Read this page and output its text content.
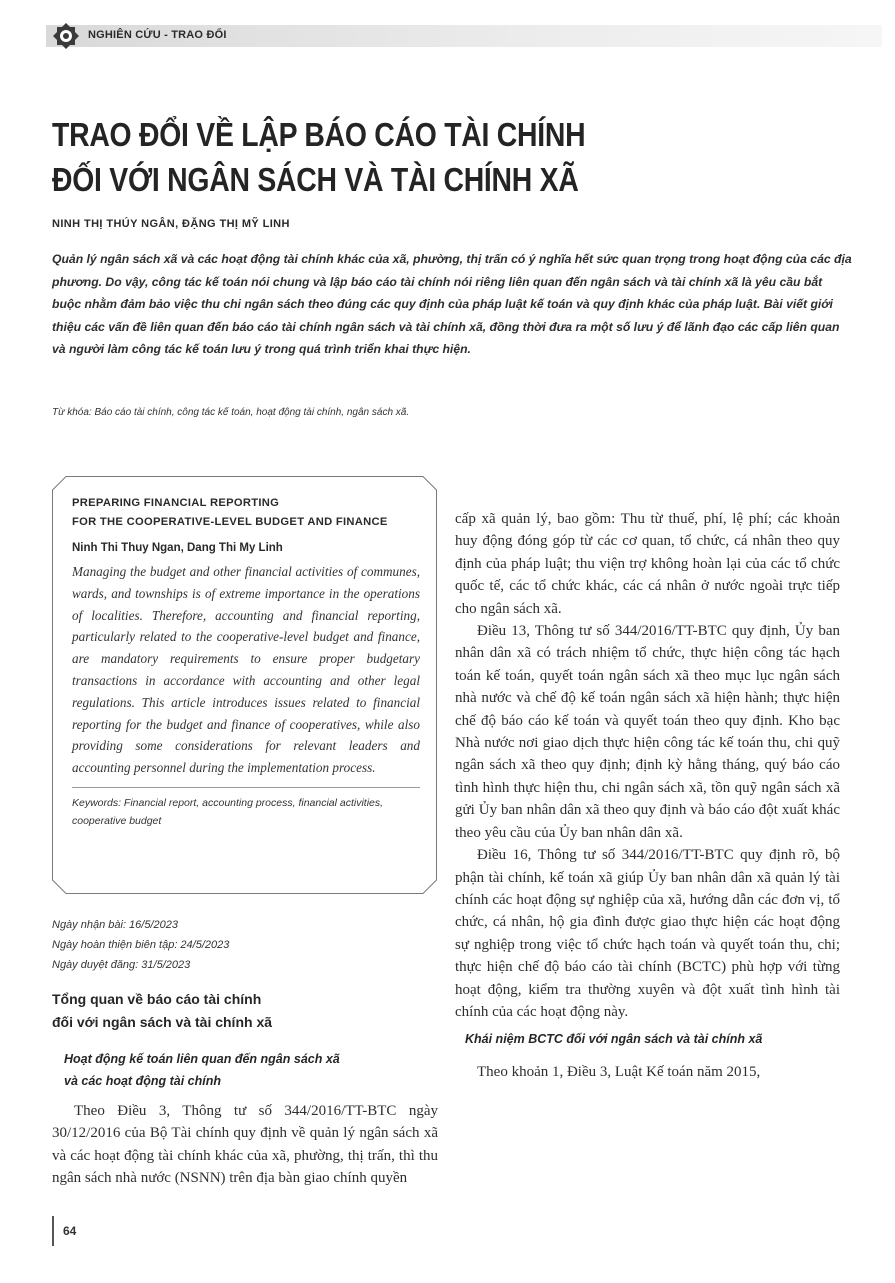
NGHIÊN CỨU - TRAO ĐỔI
TRAO ĐỔI VỀ LẬP BÁO CÁO TÀI CHÍNH
ĐỐI VỚI NGÂN SÁCH VÀ TÀI CHÍNH XÃ
NINH THỊ THÚY NGÂN, ĐẶNG THỊ MỸ LINH

Quản lý ngân sách xã và các hoạt động tài chính khác của xã, phường, thị trấn có ý nghĩa hết sức quan trọng trong hoạt động của các địa phương. Do vậy, công tác kế toán nói chung và lập báo cáo tài chính nói riêng liên quan đến ngân sách và tài chính xã là yêu cầu bắt buộc nhằm đảm bảo việc thu chi ngân sách theo đúng các quy định của pháp luật kế toán và quy định khác của pháp luật. Bài viết giới thiệu các vấn đề liên quan đến báo cáo tài chính ngân sách và tài chính xã, đồng thời đưa ra một số lưu ý để lãnh đạo các cấp liên quan và người làm công tác kế toán lưu ý trong quá trình triển khai thực hiện.

Từ khóa: Báo cáo tài chính, công tác kế toán, hoạt động tài chính, ngân sách xã.
PREPARING FINANCIAL REPORTING
FOR THE COOPERATIVE-LEVEL BUDGET AND FINANCE
Ninh Thi Thuy Ngan, Dang Thi My Linh

Managing the budget and other financial activities of communes, wards, and townships is of extreme importance in the operations of localities. Therefore, accounting and financial reporting, particularly related to the cooperative-level budget and finance, are mandatory requirements to ensure proper budgetary transactions in accordance with accounting and other legal regulations. This article introduces issues related to financial reporting for the budget and finance of cooperatives, while also providing some considerations for relevant leaders and accounting personnel during the implementation process.

Keywords: Financial report, accounting process, financial activities, cooperative budget
Ngày nhận bài: 16/5/2023
Ngày hoàn thiện biên tập: 24/5/2023
Ngày duyệt đăng: 31/5/2023
Tổng quan về báo cáo tài chính
đối với ngân sách và tài chính xã
Hoạt động kế toán liên quan đến ngân sách xã
và các hoạt động tài chính

Theo Điều 3, Thông tư số 344/2016/TT-BTC ngày 30/12/2016 của Bộ Tài chính quy định về quản lý ngân sách xã và các hoạt động tài chính khác của xã, phường, thị trấn, thì thu ngân sách nhà nước (NSNN) trên địa bàn giao chính quyền

cấp xã quản lý, bao gồm: Thu từ thuế, phí, lệ phí; các khoản huy động đóng góp từ các cơ quan, tổ chức, cá nhân theo quy định của pháp luật; thu viện trợ không hoàn lại của các tổ chức quốc tế, các tổ chức khác, các cá nhân ở nước ngoài trực tiếp cho ngân sách xã.

Điều 13, Thông tư số 344/2016/TT-BTC quy định, Ủy ban nhân dân xã có trách nhiệm tổ chức, thực hiện công tác hạch toán kế toán, quyết toán ngân sách xã theo mục lục ngân sách nhà nước và chế độ kế toán ngân sách xã hiện hành; thực hiện chế độ báo cáo kế toán và quyết toán theo quy định. Kho bạc Nhà nước nơi giao dịch thực hiện công tác kế toán thu, chi quỹ ngân sách xã theo quy định; định kỳ hằng tháng, quý báo cáo tình hình thực hiện thu, chi ngân sách xã, tồn quỹ ngân sách xã gửi Ủy ban nhân dân xã theo quy định và báo cáo đột xuất khác theo yêu cầu của Ủy ban nhân dân xã.

Điều 16, Thông tư số 344/2016/TT-BTC quy định rõ, bộ phận tài chính, kế toán xã giúp Ủy ban nhân dân xã quản lý tài chính các hoạt động sự nghiệp của xã, hướng dẫn các đơn vị, tổ chức, cá nhân, hộ gia đình được giao thực hiện các hoạt động sự nghiệp trong việc tổ chức hạch toán và quyết toán thu, chi; thực hiện chế độ báo cáo tài chính (BCTC) phù hợp với từng hoạt động, kiểm tra thường xuyên và đột xuất tình hình tài chính của các hoạt động này.

Khái niệm BCTC đối với ngân sách và tài chính xã

Theo khoản 1, Điều 3, Luật Kế toán năm 2015,

64
